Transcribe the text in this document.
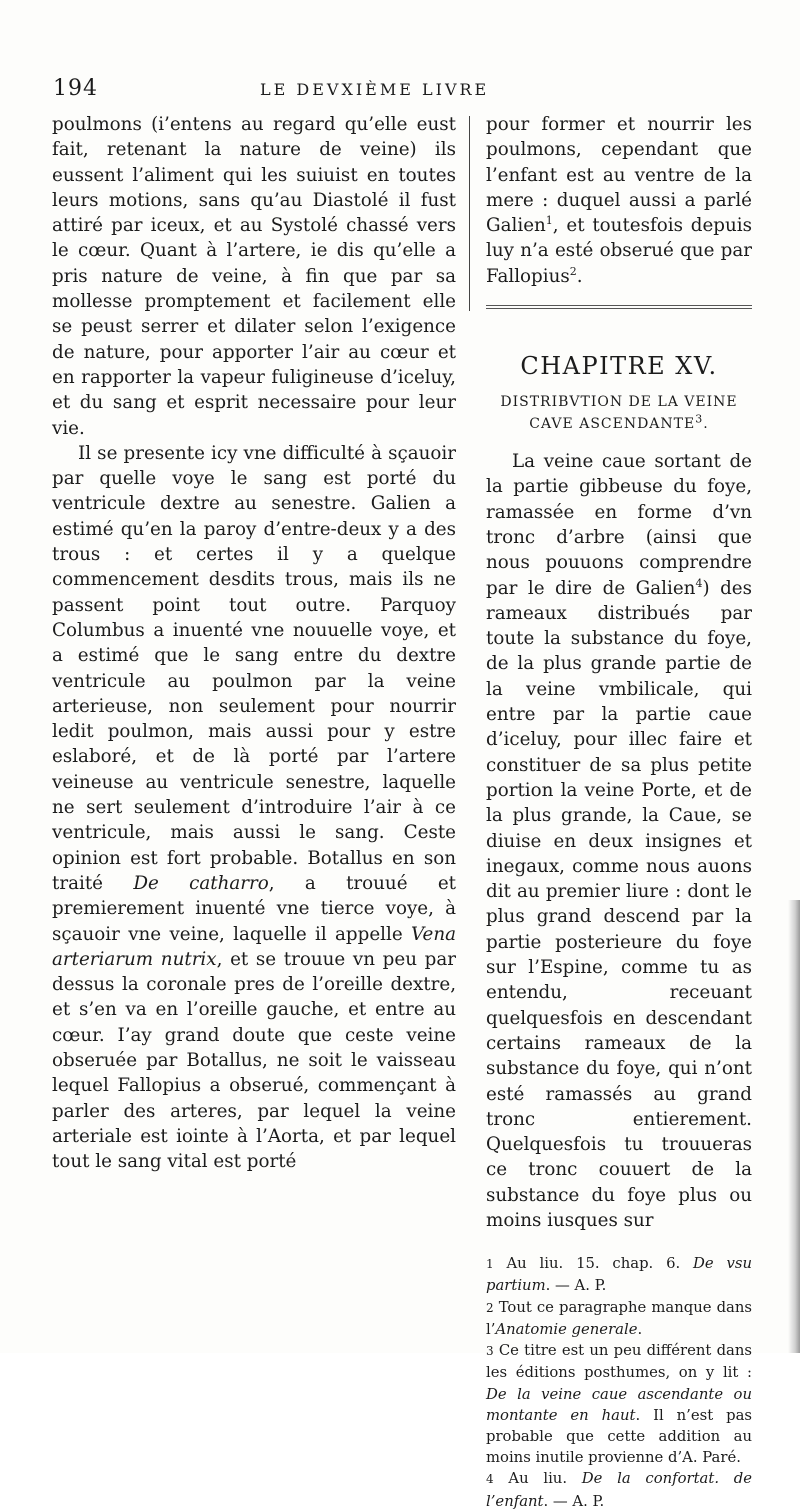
194	LE DEVXIÈME LIVRE

poulmons (i’entens au regard qu’elle eust fait, retenant la nature de veine) ils eussent l’aliment qui les suiuist en toutes leurs motions, sans qu’au Diastolé il fust attiré par iceux, et au Systolé chassé vers le cœur. Quant à l’artere, ie dis qu’elle a pris nature de veine, à fin que par sa mollesse promptement et facilement elle se peust serrer et dilater selon l’exigence de nature, pour apporter l’air au cœur et en rapporter la vapeur fuligineuse d’iceluy, et du sang et esprit necessaire pour leur vie.

Il se presente icy vne difficulté à sçauoir par quelle voye le sang est porté du ventricule dextre au senestre. Galien a estimé qu’en la paroy d’entre-deux y a des trous : et certes il y a quelque commencement desdits trous, mais ils ne passent point tout outre. Parquoy Columbus a inuenté vne nouuelle voye, et a estimé que le sang entre du dextre ventricule au poulmon par la veine arterieuse, non seulement pour nourrir ledit poulmon, mais aussi pour y estre eslaboré, et de là porté par l’artere veineuse au ventricule senestre, laquelle ne sert seulement d’introduire l’air à ce ventricule, mais aussi le sang. Ceste opinion est fort probable. Botallus en son traité De catharro, a trouué et premierement inuenté vne tierce voye, à sçauoir vne veine, laquelle il appelle Vena arteriarum nutrix, et se trouue vn peu par dessus la coronale pres de l’oreille dextre, et s’en va en l’oreille gauche, et entre au cœur. I’ay grand doute que ceste veine obseruée par Botallus, ne soit le vaisseau lequel Fallopius a obserué, commençant à parler des arteres, par lequel la veine arteriale est iointe à l’Aorta, et par lequel tout le sang vital est porté

pour former et nourrir les poulmons, cependant que l’enfant est au ventre de la mere : duquel aussi a parlé Galien$^1$, et toutesfois depuis luy n’a esté obserué que par Fallopius$^2$.

CHAPITRE XV.
DISTRIBVTION DE LA VEINE CAVE ASCENDANTE$^3$.

La veine caue sortant de la partie gibbeuse du foye, ramassée en forme d’vn tronc d’arbre (ainsi que nous pouuons comprendre par le dire de Galien$^4$) des rameaux distribués par toute la substance du foye, de la plus grande partie de la veine vmbilicale, qui entre par la partie caue d’iceluy, pour illec faire et constituer de sa plus petite portion la veine Porte, et de la plus grande, la Caue, se diuise en deux insignes et inegaux, comme nous auons dit au premier liure : dont le plus grand descend par la partie posterieure du foye sur l’Espine, comme tu as entendu, receuant quelquesfois en descendant certains rameaux de la substance du foye, qui n’ont esté ramassés au grand tronc entierement. Quelquesfois tu trouueras ce tronc couuert de la substance du foye plus ou moins iusques sur

1 Au liu. 15. chap. 6. De vsu partium. — A. P.
2 Tout ce paragraphe manque dans l’Anatomie generale.
3 Ce titre est un peu différent dans les éditions posthumes, on y lit : De la veine caue ascendante ou montante en haut. Il n’est pas probable que cette addition au moins inutile provienne d’A. Paré.
4 Au liu. De la confortat. de l’enfant. — A. P.
